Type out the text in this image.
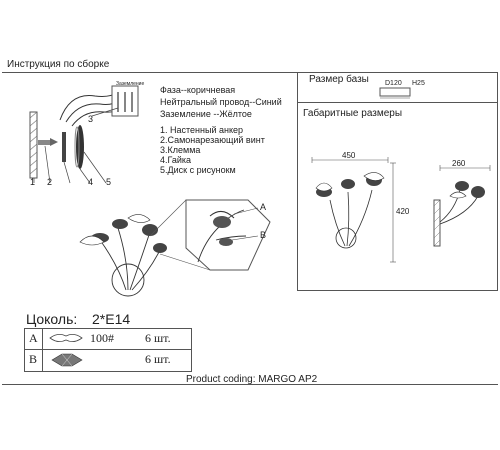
Инструкция по сборке
Фаза--коричневая
Нейтральный провод--Синий
Заземление --Жёлтое
1. Настенный анкер
2.Самонарезающий винт
3.Клемма
4.Гайка
5.Диск с рисунокм
Заземление
1 2
3
4 5
Размер базы D120 H25
Габаритные размеры
450
420
260
A
B
Цоколь: 2*E14
A	100#	6 шт.
B	6 шт.
Product coding: MARGO AP2
